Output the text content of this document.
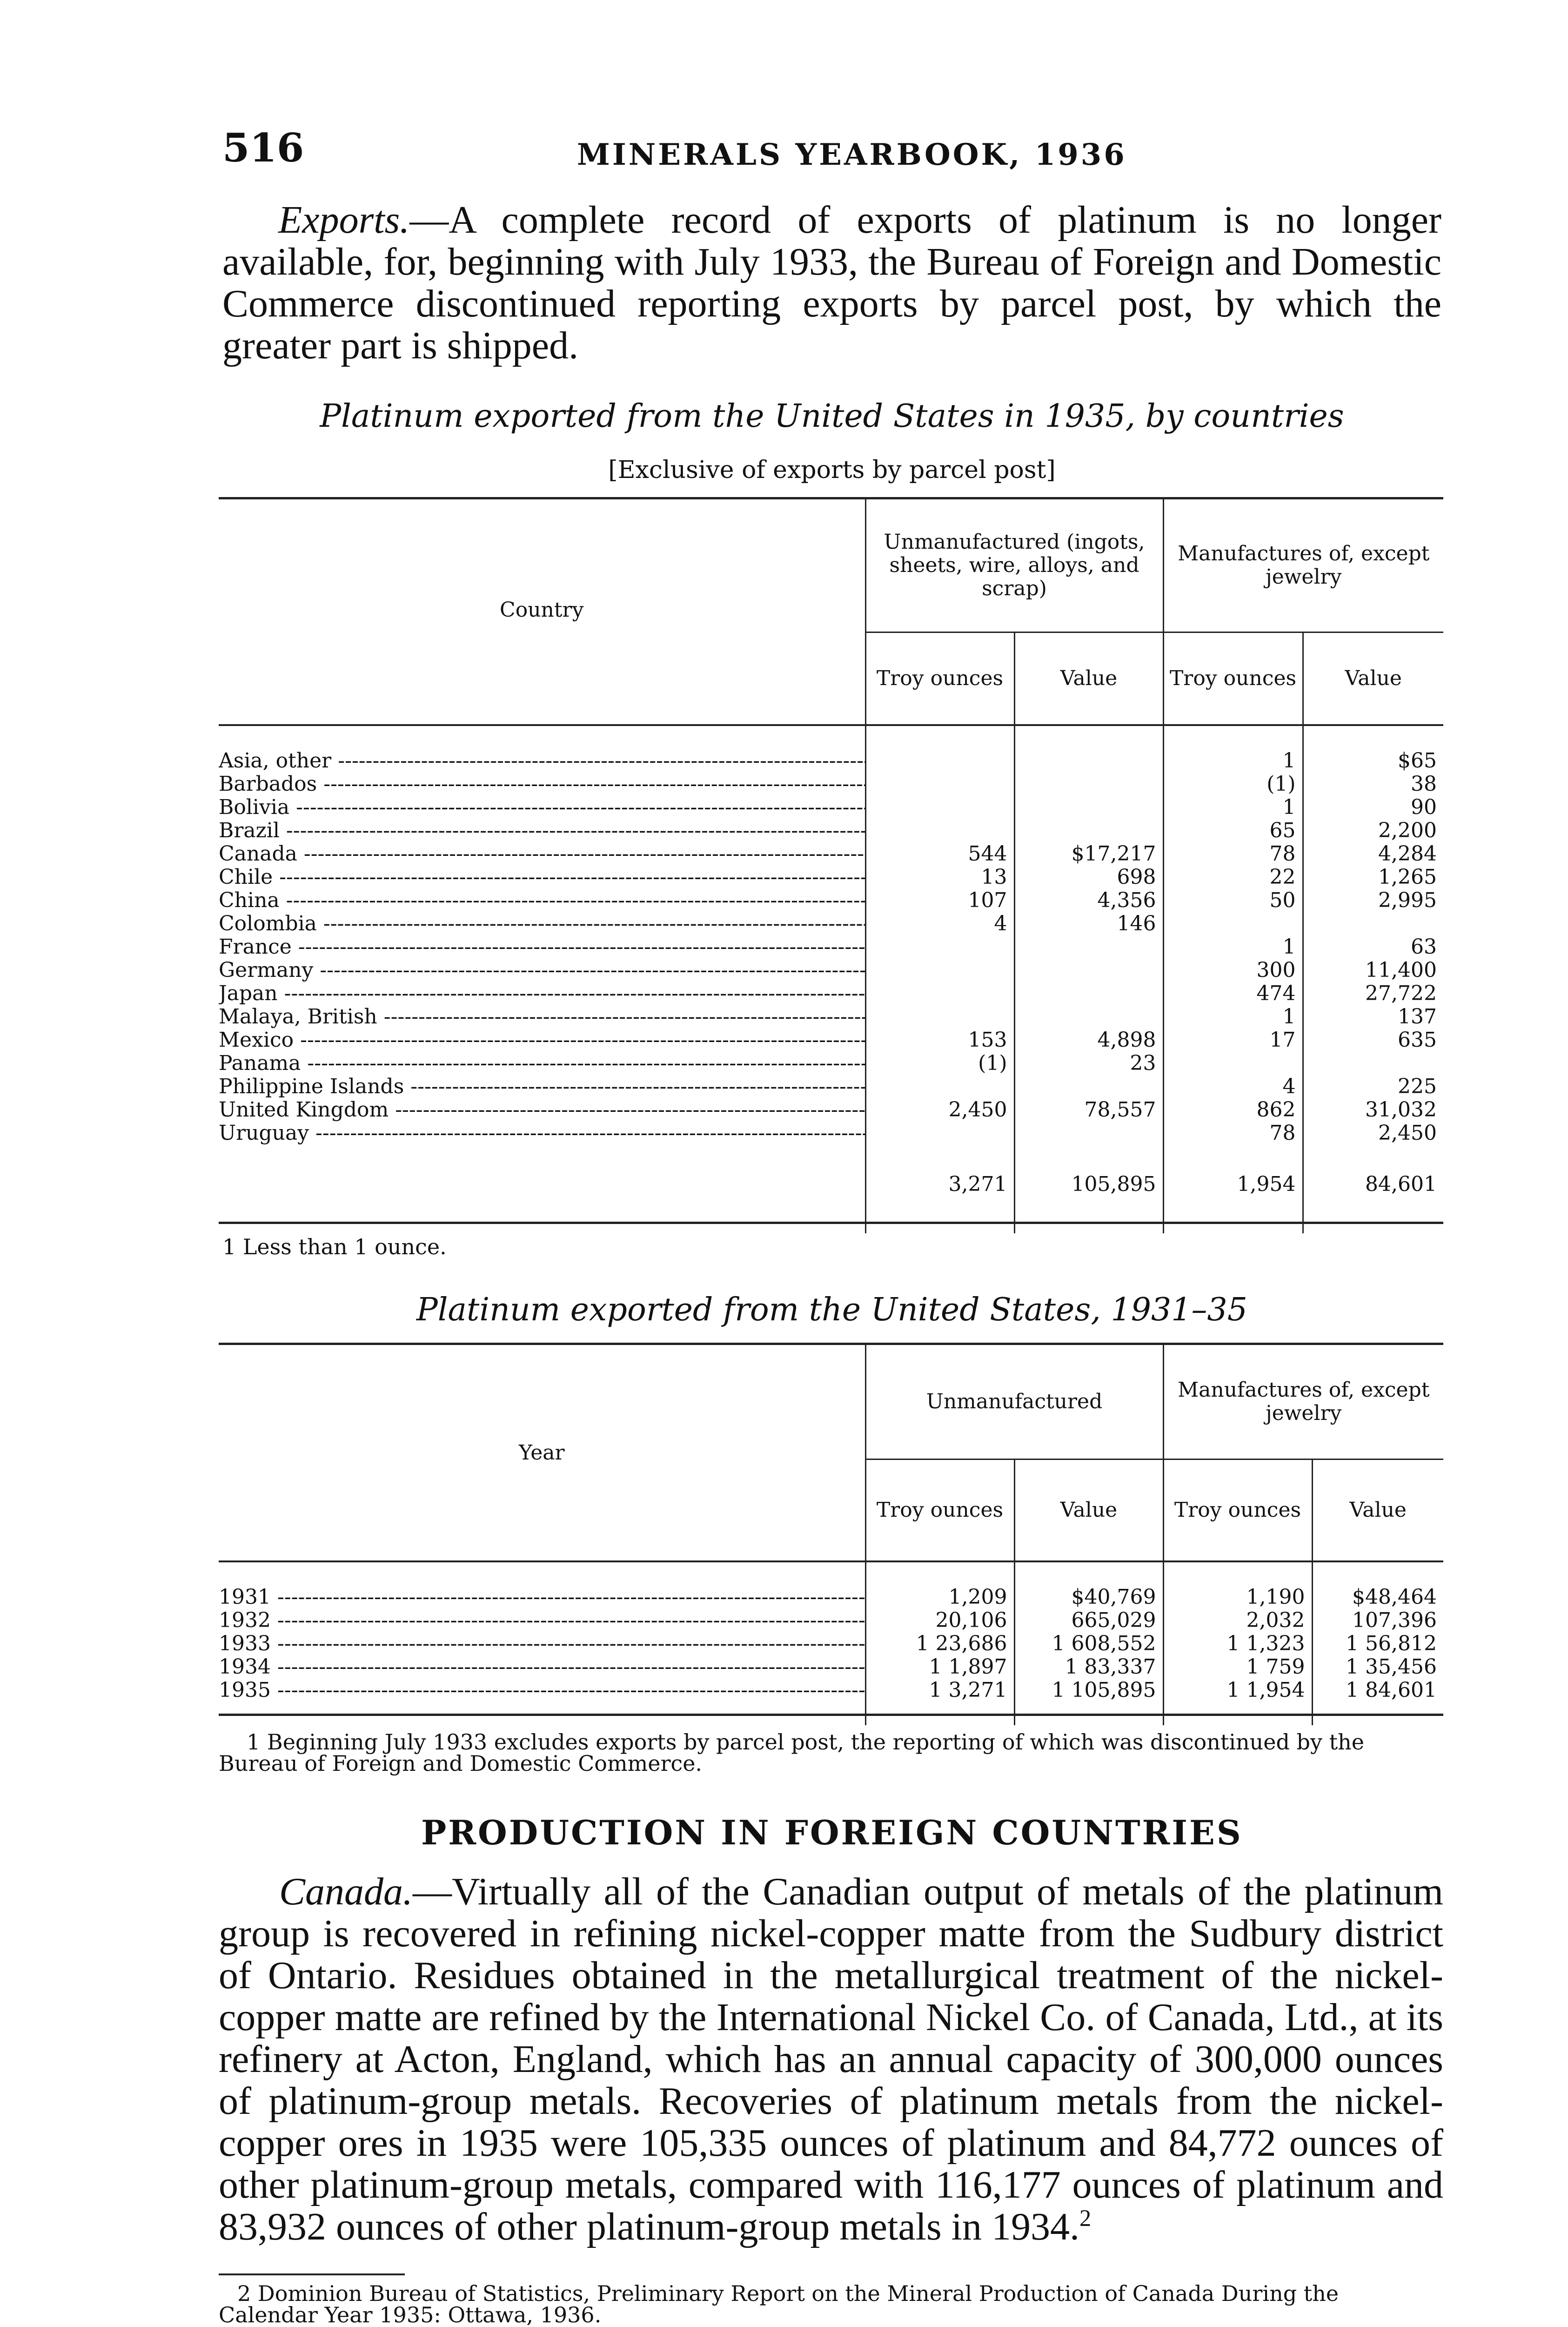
516	MINERALS YEARBOOK, 1936
Exports.—A complete record of exports of platinum is no longer available, for, beginning with July 1933, the Bureau of Foreign and Domestic Commerce discontinued reporting exports by parcel post, by which the greater part is shipped.
Platinum exported from the United States in 1935, by countries
[Exclusive of exports by parcel post]
Country	Unmanufactured (ingots, sheets, wire, alloys, and scrap)		Manufactures of, except jewelry	
	Troy ounces	Value	Troy ounces	Value

Asia, other -----			1	$65
Barbados -----			(1)	38
Bolivia -----			1	90
Brazil -----			65	2,200
Canada -----	544	$17,217	78	4,284
Chile -----	13	698	22	1,265
China -----	107	4,356	50	2,995
Colombia -----	4	146		
France -----			1	63
Germany -----			300	11,400
Japan -----			474	27,722
Malaya, British -----			1	137
Mexico -----	153	4,898	17	635
Panama -----	(1)	23		
Philippine Islands -----			4	225
United Kingdom -----	2,450	78,557	862	31,032
Uruguay -----			78	2,450

	3,271	105,895	1,954	84,601

1 Less than 1 ounce.
Platinum exported from the United States, 1931–35
Year	Unmanufactured		Manufactures of, except jewelry	
	Troy ounces	Value	Troy ounces	Value

1931 -----	1,209	$40,769	1,190	$48,464
1932 -----	20,106	665,029	2,032	107,396
1933 -----	1 23,686	1 608,552	1 1,323	1 56,812
1934 -----	1 1,897	1 83,337	1 759	1 35,456
1935 -----	1 3,271	1 105,895	1 1,954	1 84,601

1 Beginning July 1933 excludes exports by parcel post, the reporting of which was discontinued by the Bureau of Foreign and Domestic Commerce.
PRODUCTION IN FOREIGN COUNTRIES
Canada.—Virtually all of the Canadian output of metals of the platinum group is recovered in refining nickel-copper matte from the Sudbury district of Ontario. Residues obtained in the metallurgical treatment of the nickel-copper matte are refined by the International Nickel Co. of Canada, Ltd., at its refinery at Acton, England, which has an annual capacity of 300,000 ounces of platinum-group metals. Recoveries of platinum metals from the nickel-copper ores in 1935 were 105,335 ounces of platinum and 84,772 ounces of other platinum-group metals, compared with 116,177 ounces of platinum and 83,932 ounces of other platinum-group metals in 1934.$^2$
2 Dominion Bureau of Statistics, Preliminary Report on the Mineral Production of Canada During the Calendar Year 1935: Ottawa, 1936.
